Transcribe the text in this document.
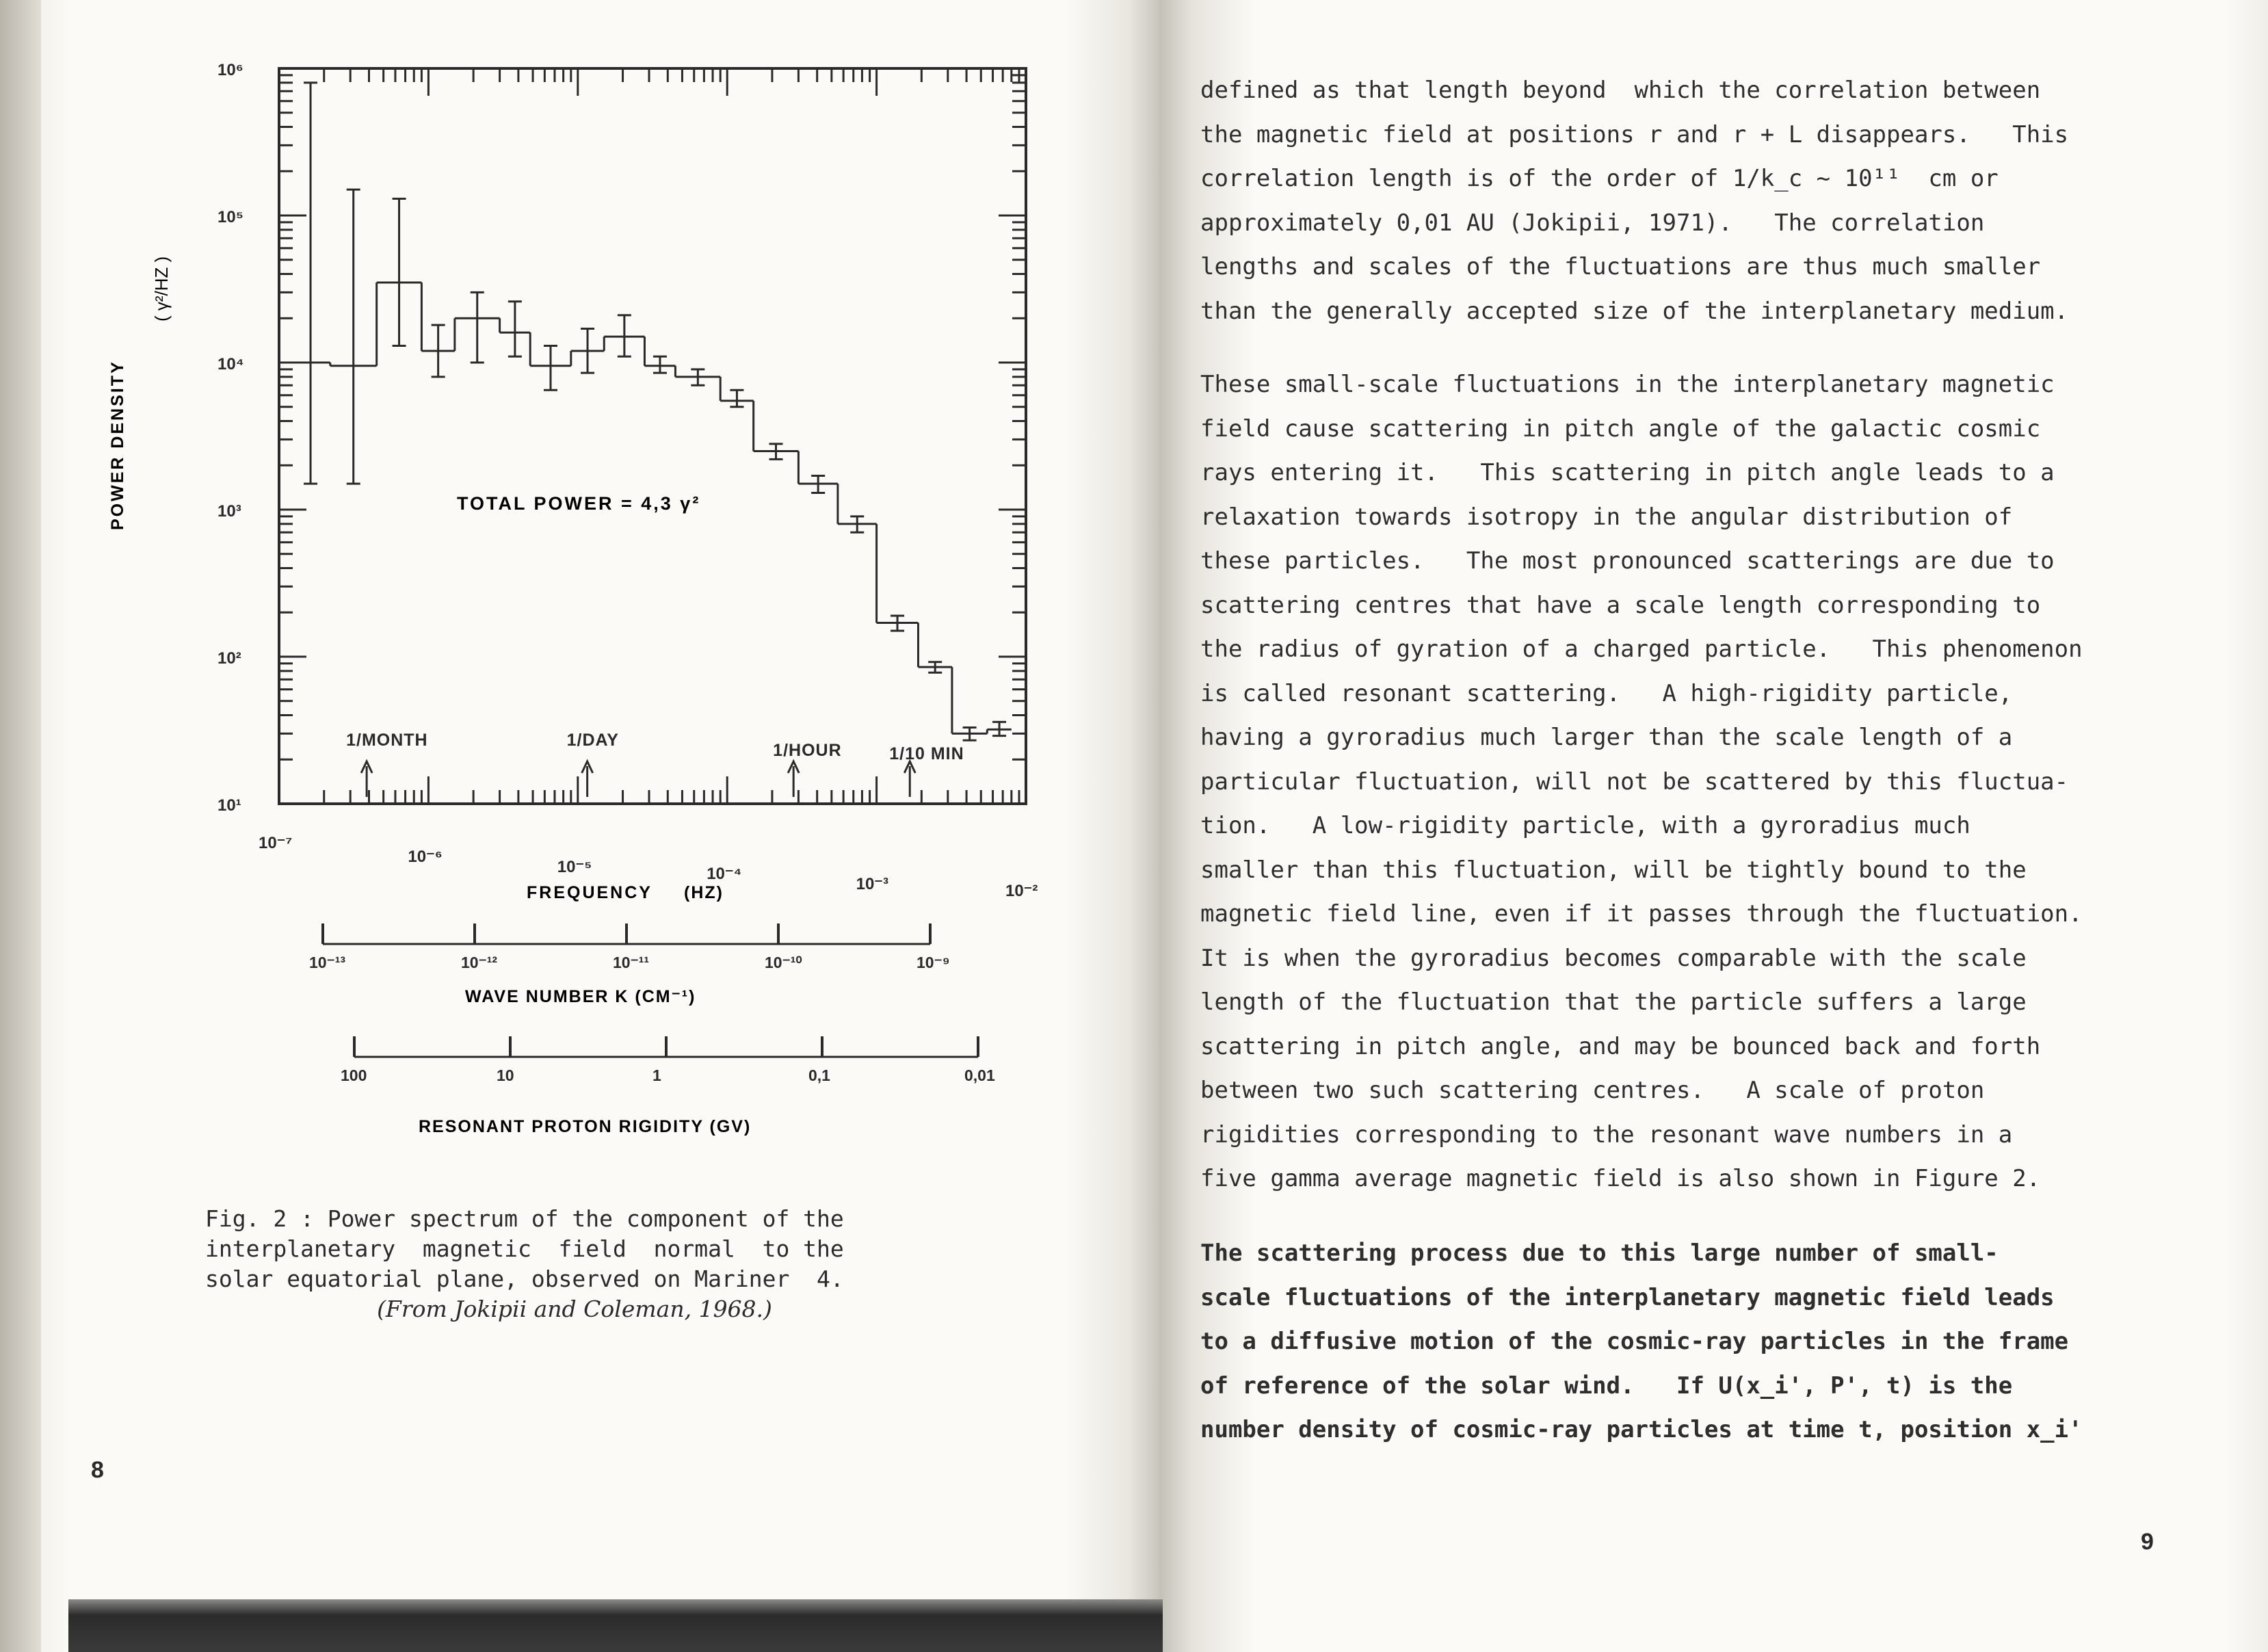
10⁶
10⁵
10⁴
10³
10²
10¹
10⁻⁷
10⁻⁶
10⁻⁵	10⁻⁴
10⁻³	10⁻²
1/MONTH	1/DAY
1/HOUR	1/10 MIN
POWER DENSITY
( γ²/HZ )
TOTAL POWER = 4,3 γ²
FREQUENCY (HZ)
10⁻¹³	10⁻¹²	10⁻¹¹	10⁻¹⁰	10⁻⁹
WAVE NUMBER K (CM⁻¹)
100	10	1	0,1	0,01
RESONANT PROTON RIGIDITY (GV)
Fig. 2 : Power spectrum of the component of the
interplanetary  magnetic  field  normal  to the
solar equatorial plane, observed on Mariner  4.
(From Jokipii and Coleman, 1968.)
8
defined as that length beyond  which the correlation between
the magnetic field at positions r and r + L disappears.   This
correlation length is of the order of 1/k_c ~ 10¹¹  cm or
approximately 0,01 AU (Jokipii, 1971).   The correlation
lengths and scales of the fluctuations are thus much smaller
than the generally accepted size of the interplanetary medium.
These small-scale fluctuations in the interplanetary magnetic
field cause scattering in pitch angle of the galactic cosmic
rays entering it.   This scattering in pitch angle leads to a
relaxation towards isotropy in the angular distribution of
these particles.   The most pronounced scatterings are due to
scattering centres that have a scale length corresponding to
the radius of gyration of a charged particle.   This phenomenon
is called resonant scattering.   A high-rigidity particle,
having a gyroradius much larger than the scale length of a
particular fluctuation, will not be scattered by this fluctua-
tion.   A low-rigidity particle, with a gyroradius much
smaller than this fluctuation, will be tightly bound to the
magnetic field line, even if it passes through the fluctuation.
It is when the gyroradius becomes comparable with the scale
length of the fluctuation that the particle suffers a large
scattering in pitch angle, and may be bounced back and forth
between two such scattering centres.   A scale of proton
rigidities corresponding to the resonant wave numbers in a
five gamma average magnetic field is also shown in Figure 2.
The scattering process due to this large number of small-
scale fluctuations of the interplanetary magnetic field leads
to a diffusive motion of the cosmic-ray particles in the frame
of reference of the solar wind.   If U(x_i', P', t) is the
number density of cosmic-ray particles at time t, position x_i'
9
